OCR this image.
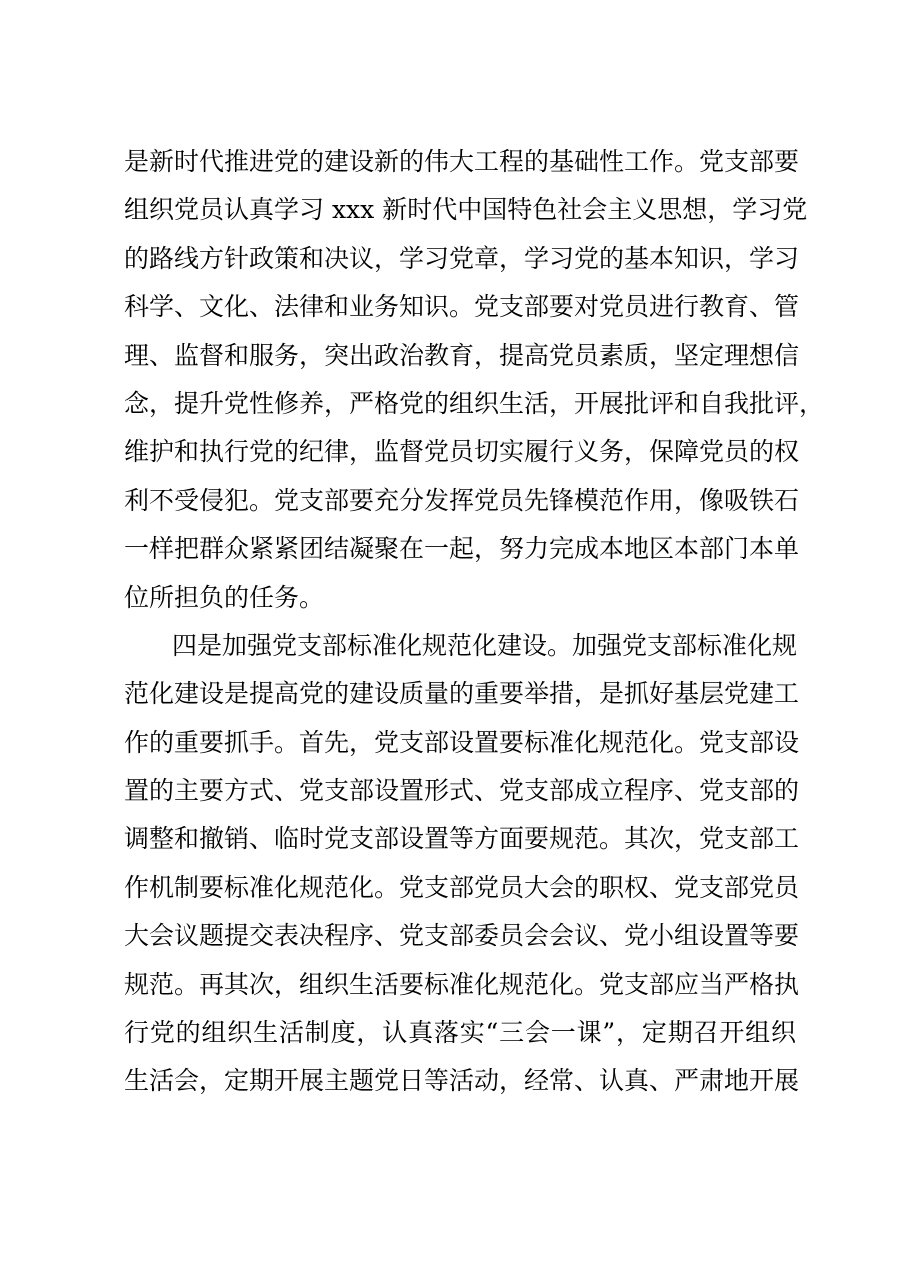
是新时代推进党的建设新的伟大工程的基础性工作。党支部要
组织党员认真学习 xxx 新时代中国特色社会主义思想，学习党
的路线方针政策和决议，学习党章，学习党的基本知识，学习
科学、文化、法律和业务知识。党支部要对党员进行教育、管
理、监督和服务，突出政治教育，提高党员素质，坚定理想信
念，提升党性修养，严格党的组织生活，开展批评和自我批评，
维护和执行党的纪律，监督党员切实履行义务，保障党员的权
利不受侵犯。党支部要充分发挥党员先锋模范作用，像吸铁石
一样把群众紧紧团结凝聚在一起，努力完成本地区本部门本单
位所担负的任务。
四是加强党支部标准化规范化建设。加强党支部标准化规
范化建设是提高党的建设质量的重要举措，是抓好基层党建工
作的重要抓手。首先，党支部设置要标准化规范化。党支部设
置的主要方式、党支部设置形式、党支部成立程序、党支部的
调整和撤销、临时党支部设置等方面要规范。其次，党支部工
作机制要标准化规范化。党支部党员大会的职权、党支部党员
大会议题提交表决程序、党支部委员会会议、党小组设置等要
规范。再其次，组织生活要标准化规范化。党支部应当严格执
行党的组织生活制度，认真落实“三会一课”，定期召开组织
生活会，定期开展主题党日等活动，经常、认真、严肃地开展
